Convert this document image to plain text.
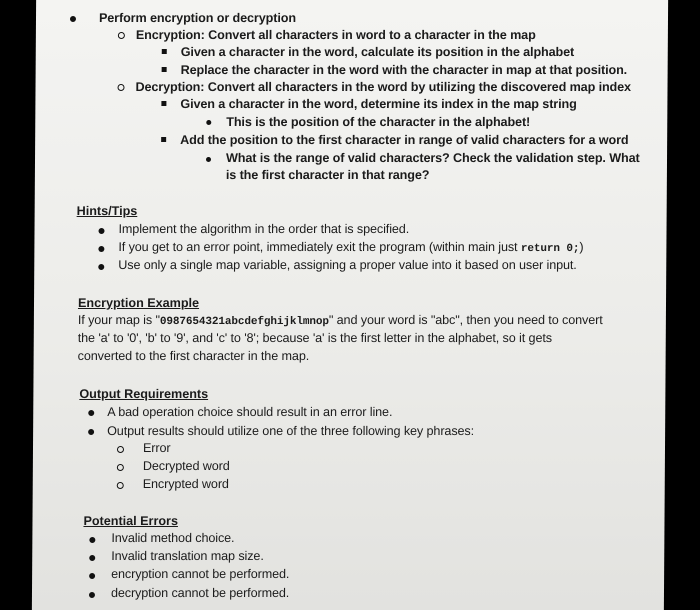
Perform encryption or decryption
Encryption: Convert all characters in word to a character in the map
Given a character in the word, calculate its position in the alphabet
Replace the character in the word with the character in map at that position.
Decryption: Convert all characters in the word by utilizing the discovered map index
Given a character in the word, determine its index in the map string
This is the position of the character in the alphabet!
Add the position to the first character in range of valid characters for a word
What is the range of valid characters? Check the validation step. What
is the first character in that range?
Hints/Tips
Implement the algorithm in the order that is specified.
If you get to an error point, immediately exit the program (within main just return 0;)
Use only a single map variable, assigning a proper value into it based on user input.
Encryption Example
If your map is "0987654321abcdefghijklmnop" and your word is "abc", then you need to convert
the 'a' to '0', 'b' to '9', and 'c' to '8'; because 'a' is the first letter in the alphabet, so it gets
converted to the first character in the map.
Output Requirements
A bad operation choice should result in an error line.
Output results should utilize one of the three following key phrases:
Error
Decrypted word
Encrypted word
Potential Errors
Invalid method choice.
Invalid translation map size.
encryption cannot be performed.
decryption cannot be performed.
